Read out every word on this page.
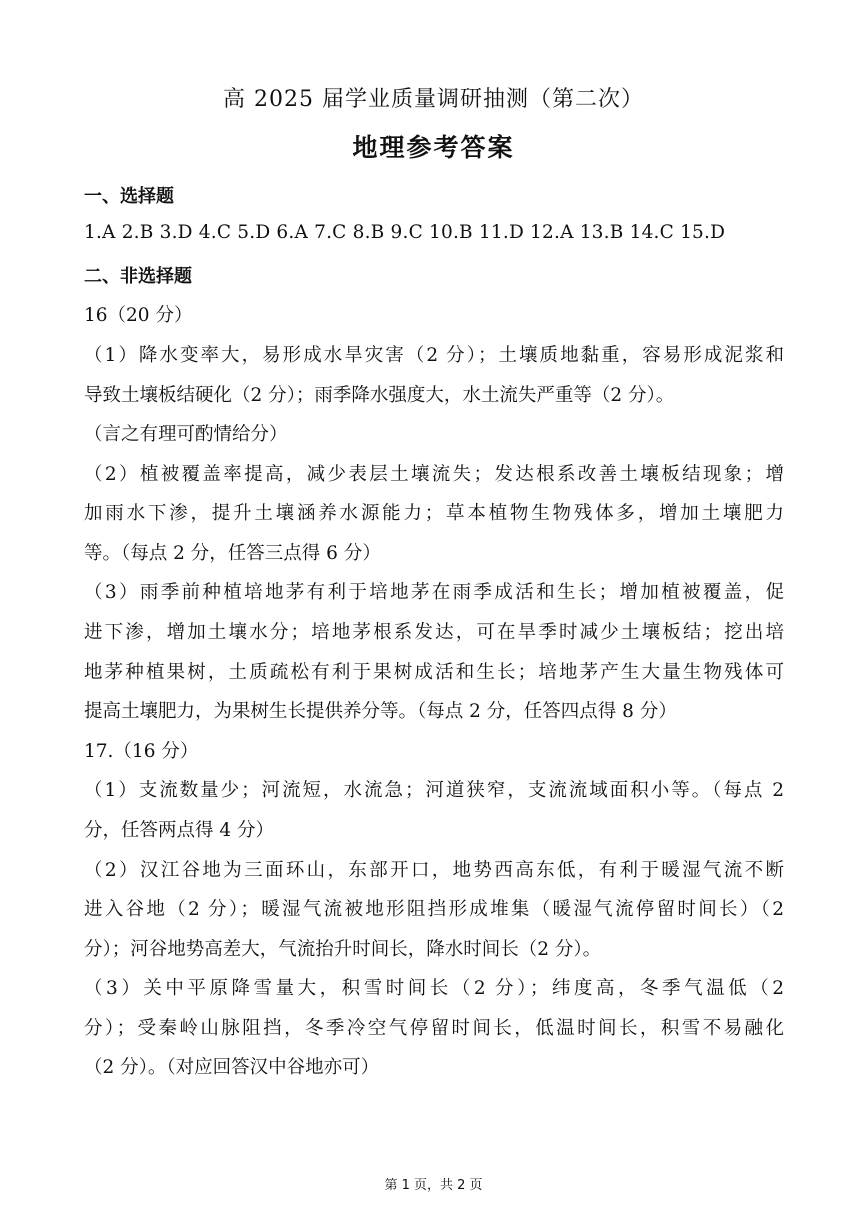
高 2025 届学业质量调研抽测（第二次）
地理参考答案
一、选择题
1.A 2.B 3.D 4.C 5.D 6.A 7.C 8.B 9.C 10.B 11.D 12.A 13.B 14.C 15.D
二、非选择题
16（20 分）
（1）降水变率大，易形成水旱灾害（2 分）；土壤质地黏重，容易形成泥浆和
导致土壤板结硬化（2 分）；雨季降水强度大，水土流失严重等（2 分）。
（言之有理可酌情给分）
（2）植被覆盖率提高，减少表层土壤流失；发达根系改善土壤板结现象；增
加雨水下渗，提升土壤涵养水源能力；草本植物生物残体多，增加土壤肥力
等。（每点 2 分，任答三点得 6 分）
（3）雨季前种植培地茅有利于培地茅在雨季成活和生长；增加植被覆盖，促
进下渗，增加土壤水分；培地茅根系发达，可在旱季时减少土壤板结；挖出培
地茅种植果树，土质疏松有利于果树成活和生长；培地茅产生大量生物残体可
提高土壤肥力，为果树生长提供养分等。（每点 2 分，任答四点得 8 分）
17.（16 分）
（1）支流数量少；河流短，水流急；河道狭窄，支流流域面积小等。（每点 2
分，任答两点得 4 分）
（2）汉江谷地为三面环山，东部开口，地势西高东低，有利于暖湿气流不断
进入谷地（2 分）；暖湿气流被地形阻挡形成堆集（暖湿气流停留时间长）（2
分）；河谷地势高差大，气流抬升时间长，降水时间长（2 分）。
（3）关中平原降雪量大，积雪时间长（2 分）；纬度高，冬季气温低（2
分）；受秦岭山脉阻挡，冬季冷空气停留时间长，低温时间长，积雪不易融化
（2 分）。（对应回答汉中谷地亦可）
第 1 页，共 2 页
